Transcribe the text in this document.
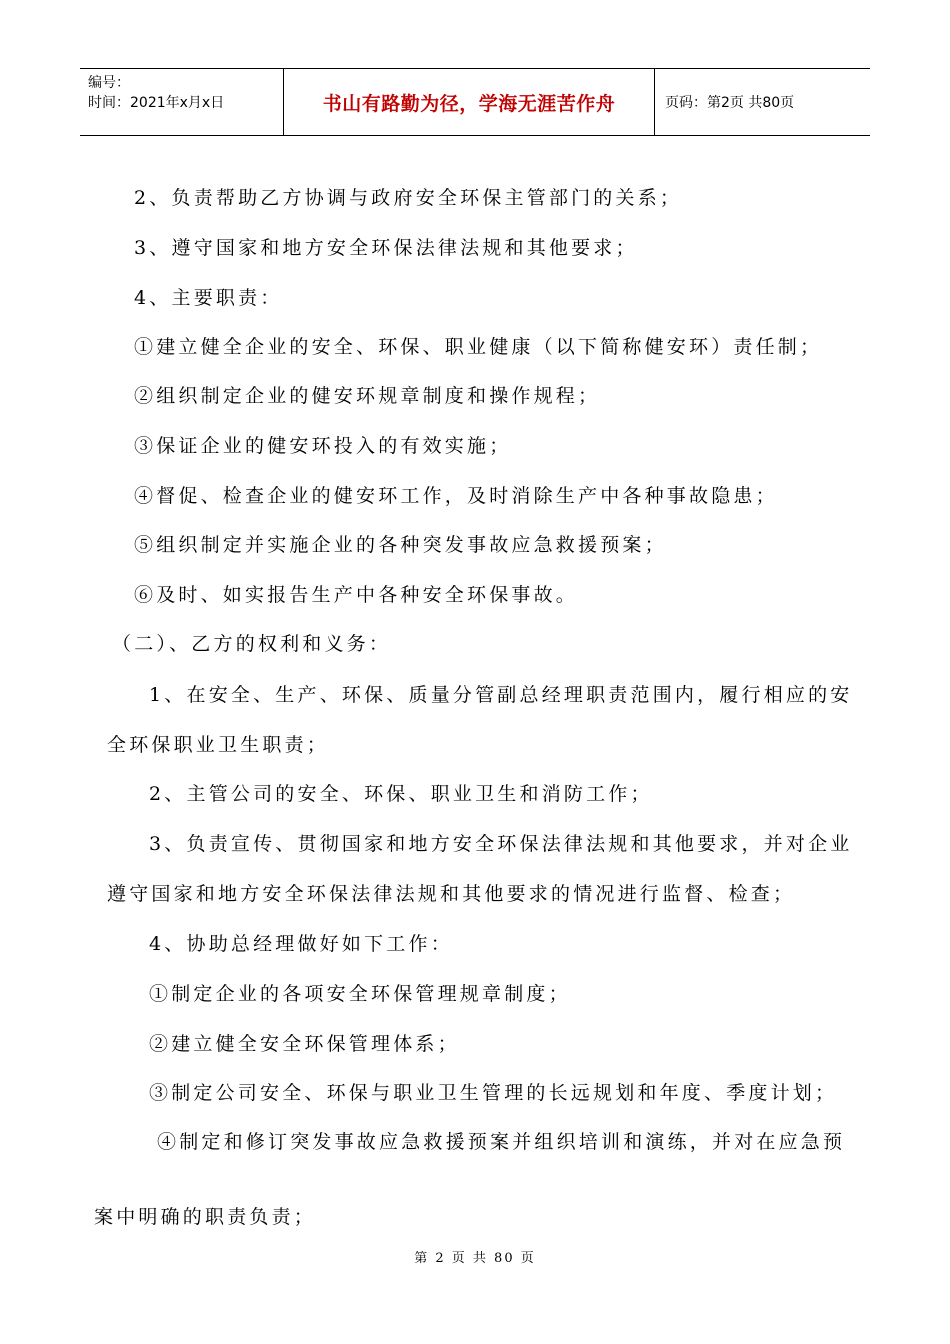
编号：
时间：2021年x月x日	书山有路勤为径，学海无涯苦作舟	页码：第2页 共80页
2、负责帮助乙方协调与政府安全环保主管部门的关系；
3、遵守国家和地方安全环保法律法规和其他要求；
4、主要职责：
①建立健全企业的安全、环保、职业健康（以下简称健安环）责任制；
②组织制定企业的健安环规章制度和操作规程；
③保证企业的健安环投入的有效实施；
④督促、检查企业的健安环工作，及时消除生产中各种事故隐患；
⑤组织制定并实施企业的各种突发事故应急救援预案；
⑥及时、如实报告生产中各种安全环保事故。
（二）、乙方的权利和义务：
1、在安全、生产、环保、质量分管副总经理职责范围内，履行相应的安
全环保职业卫生职责；
2、主管公司的安全、环保、职业卫生和消防工作；
3、负责宣传、贯彻国家和地方安全环保法律法规和其他要求，并对企业
遵守国家和地方安全环保法律法规和其他要求的情况进行监督、检查；
4、协助总经理做好如下工作：
①制定企业的各项安全环保管理规章制度；
②建立健全安全环保管理体系；
③制定公司安全、环保与职业卫生管理的长远规划和年度、季度计划；
④制定和修订突发事故应急救援预案并组织培训和演练，并对在应急预
案中明确的职责负责；
第 2 页 共 80 页
